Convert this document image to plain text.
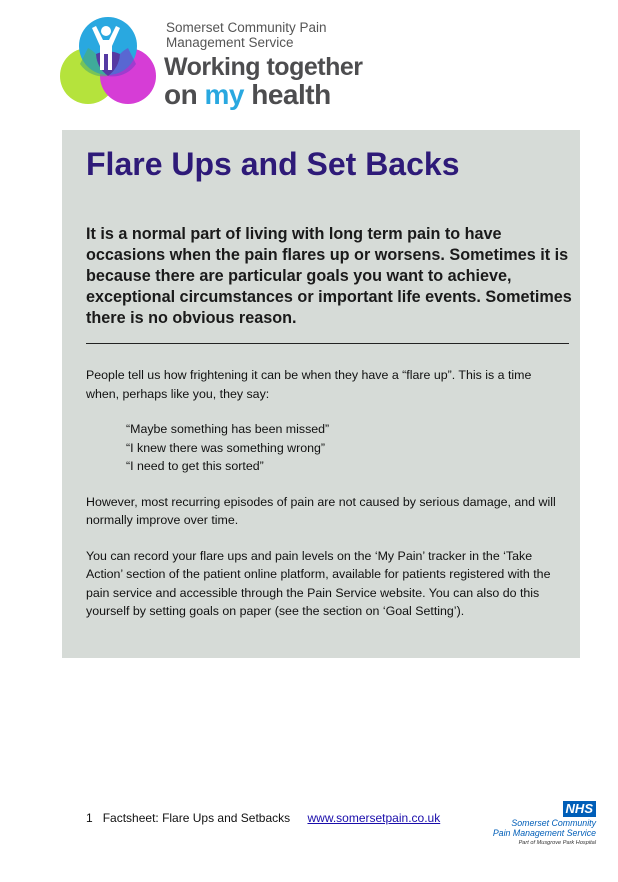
Somerset Community Pain
Management Service
Working together
on my health
Flare Ups and Set Backs

It is a normal part of living with long term pain to have occasions when the pain flares up or worsens. Sometimes it is because there are particular goals you want to achieve, exceptional circumstances or important life events. Sometimes there is no obvious reason.

People tell us how frightening it can be when they have a “flare up”. This is a time when, perhaps like you, they say:

“Maybe something has been missed”
“I knew there was something wrong”
“I need to get this sorted”

However, most recurring episodes of pain are not caused by serious damage, and will normally improve over time.

You can record your flare ups and pain levels on the ‘My Pain’ tracker in the ‘Take Action’ section of the patient online platform, available for patients registered with the pain service and accessible through the Pain Service website. You can also do this yourself by setting goals on paper (see the section on ‘Goal Setting’).

1 Factsheet: Flare Ups and Setbacks www.somersetpain.co.uk
NHS
Somerset Community
Pain Management Service
Part of Musgrove Park Hospital
